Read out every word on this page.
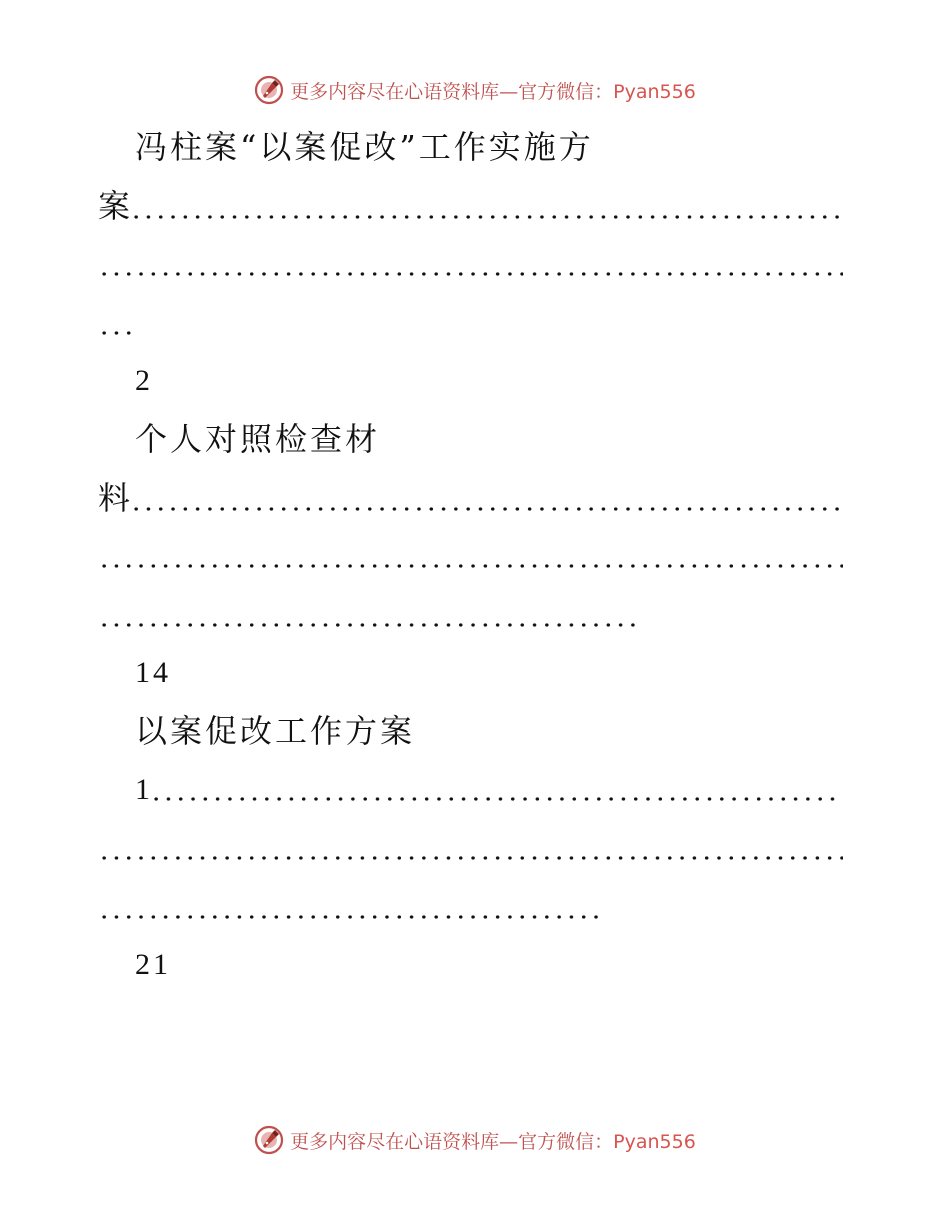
更多内容尽在心语资料库—官方微信：Pyan556
冯柱案“以案促改”工作实施方
案
2
个人对照检查材
料
14
以案促改工作方案
1
21
更多内容尽在心语资料库—官方微信：Pyan556
